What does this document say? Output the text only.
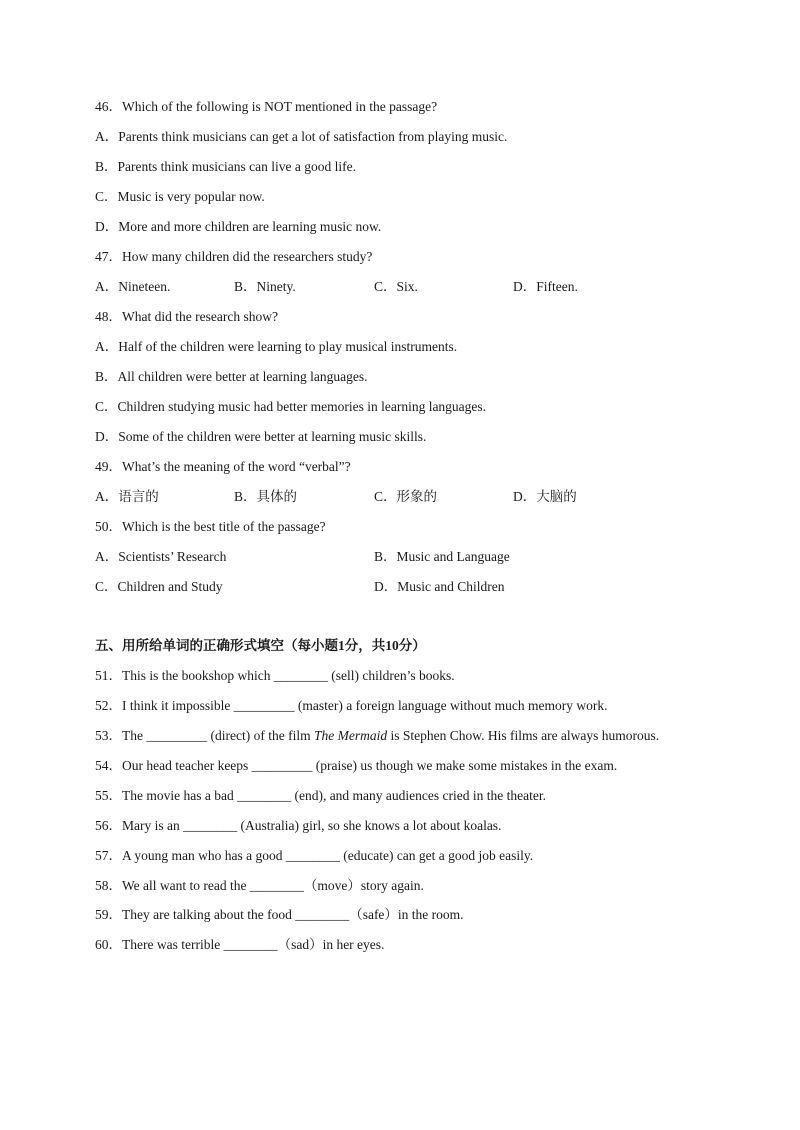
46．Which of the following is NOT mentioned in the passage?
A．Parents think musicians can get a lot of satisfaction from playing music.
B．Parents think musicians can live a good life.
C．Music is very popular now.
D．More and more children are learning music now.
47．How many children did the researchers study?
A．Nineteen.	B．Ninety.	C．Six.	D．Fifteen.
48．What did the research show?
A．Half of the children were learning to play musical instruments.
B．All children were better at learning languages.
C．Children studying music had better memories in learning languages.
D．Some of the children were better at learning music skills.
49．What’s the meaning of the word “verbal”?
A．语言的	B．具体的	C．形象的	D．大脑的
50．Which is the best title of the passage?
A．Scientists’ Research	B．Music and Language
C．Children and Study	D．Music and Children
五、用所给单词的正确形式填空（每小题1分，共10分）
51．This is the bookshop which ________ (sell) children’s books.
52．I think it impossible _________ (master) a foreign language without much memory work.
53．The _________ (direct) of the film The Mermaid is Stephen Chow. His films are always humorous.
54．Our head teacher keeps _________ (praise) us though we make some mistakes in the exam.
55．The movie has a bad ________ (end), and many audiences cried in the theater.
56．Mary is an ________ (Australia) girl, so she knows a lot about koalas.
57．A young man who has a good ________ (educate) can get a good job easily.
58．We all want to read the ________（move）story again.
59．They are talking about the food ________（safe）in the room.
60．There was terrible ________（sad）in her eyes.
